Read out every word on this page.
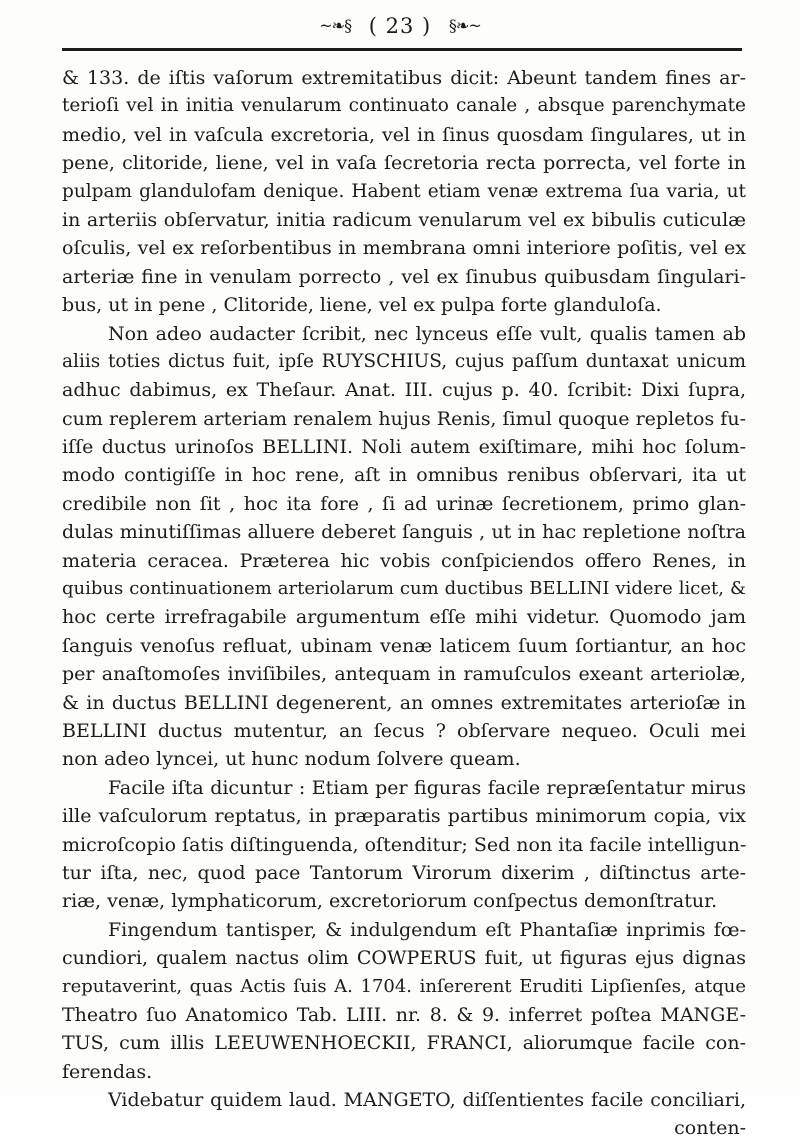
~❧§ ( 23 ) §❧~
& 133. de iſtis vaſorum extremitatibus dicit: Abeunt tandem fines ar-
terioſi vel in initia venularum continuato canale , absque parenchymate
medio, vel in vaſcula excretoria, vel in ſinus quosdam ſingulares, ut in
pene, clitoride, liene, vel in vaſa ſecretoria recta porrecta, vel forte in
pulpam glandulofam denique. Habent etiam venæ extrema ſua varia, ut
in arteriis obſervatur, initia radicum venularum vel ex bibulis cuticulæ
oſculis, vel ex reſorbentibus in membrana omni interiore poſitis, vel ex
arteriæ fine in venulam porrecto , vel ex ſinubus quibusdam ſingulari-
bus, ut in pene , Clitoride, liene, vel ex pulpa forte glanduloſa.
Non adeo audacter ſcribit, nec lynceus eſſe vult, qualis tamen ab
aliis toties dictus fuit, ipſe RUYSCHIUS, cujus paſſum duntaxat unicum
adhuc dabimus, ex Theſaur. Anat. III. cujus p. 40. ſcribit: Dixi ſupra,
cum replerem arteriam renalem hujus Renis, ſimul quoque repletos fu-
iſſe ductus urinoſos BELLINI. Noli autem exiſtimare, mihi hoc ſolum-
modo contigiſſe in hoc rene, aſt in omnibus renibus obſervari, ita ut
credibile non ſit , hoc ita fore , ſi ad urinæ ſecretionem, primo glan-
dulas minutiſſimas alluere deberet ſanguis , ut in hac repletione noſtra
materia ceracea. Præterea hic vobis conſpiciendos offero Renes, in
quibus continuationem arteriolarum cum ductibus BELLINI videre licet, &
hoc certe irrefragabile argumentum eſſe mihi videtur. Quomodo jam
ſanguis venoſus refluat, ubinam venæ laticem ſuum ſortiantur, an hoc
per anaſtomoſes inviſibiles, antequam in ramuſculos exeant arteriolæ,
& in ductus BELLINI degenerent, an omnes extremitates arterioſæ in
BELLINI ductus mutentur, an ſecus ? obſervare nequeo. Oculi mei
non adeo lyncei, ut hunc nodum ſolvere queam.
Facile iſta dicuntur : Etiam per figuras facile repræſentatur mirus
ille vaſculorum reptatus, in præparatis partibus minimorum copia, vix
microſcopio ſatis diſtinguenda, oſtenditur; Sed non ita facile intelligun-
tur iſta, nec, quod pace Tantorum Virorum dixerim , diſtinctus arte-
riæ, venæ, lymphaticorum, excretoriorum conſpectus demonſtratur.
Fingendum tantisper, & indulgendum eſt Phantaſiæ inprimis fœ-
cundiori, qualem nactus olim COWPERUS fuit, ut figuras ejus dignas
reputaverint, quas Actis ſuis A. 1704. inſererent Eruditi Lipſienſes, atque
Theatro ſuo Anatomico Tab. LIII. nr. 8. & 9. inferret poſtea MANGE-
TUS, cum illis LEEUWENHOECKII, FRANCI, aliorumque facile con-
ferendas.
Videbatur quidem laud. MANGETO, diſſentientes facile conciliari,
conten-
